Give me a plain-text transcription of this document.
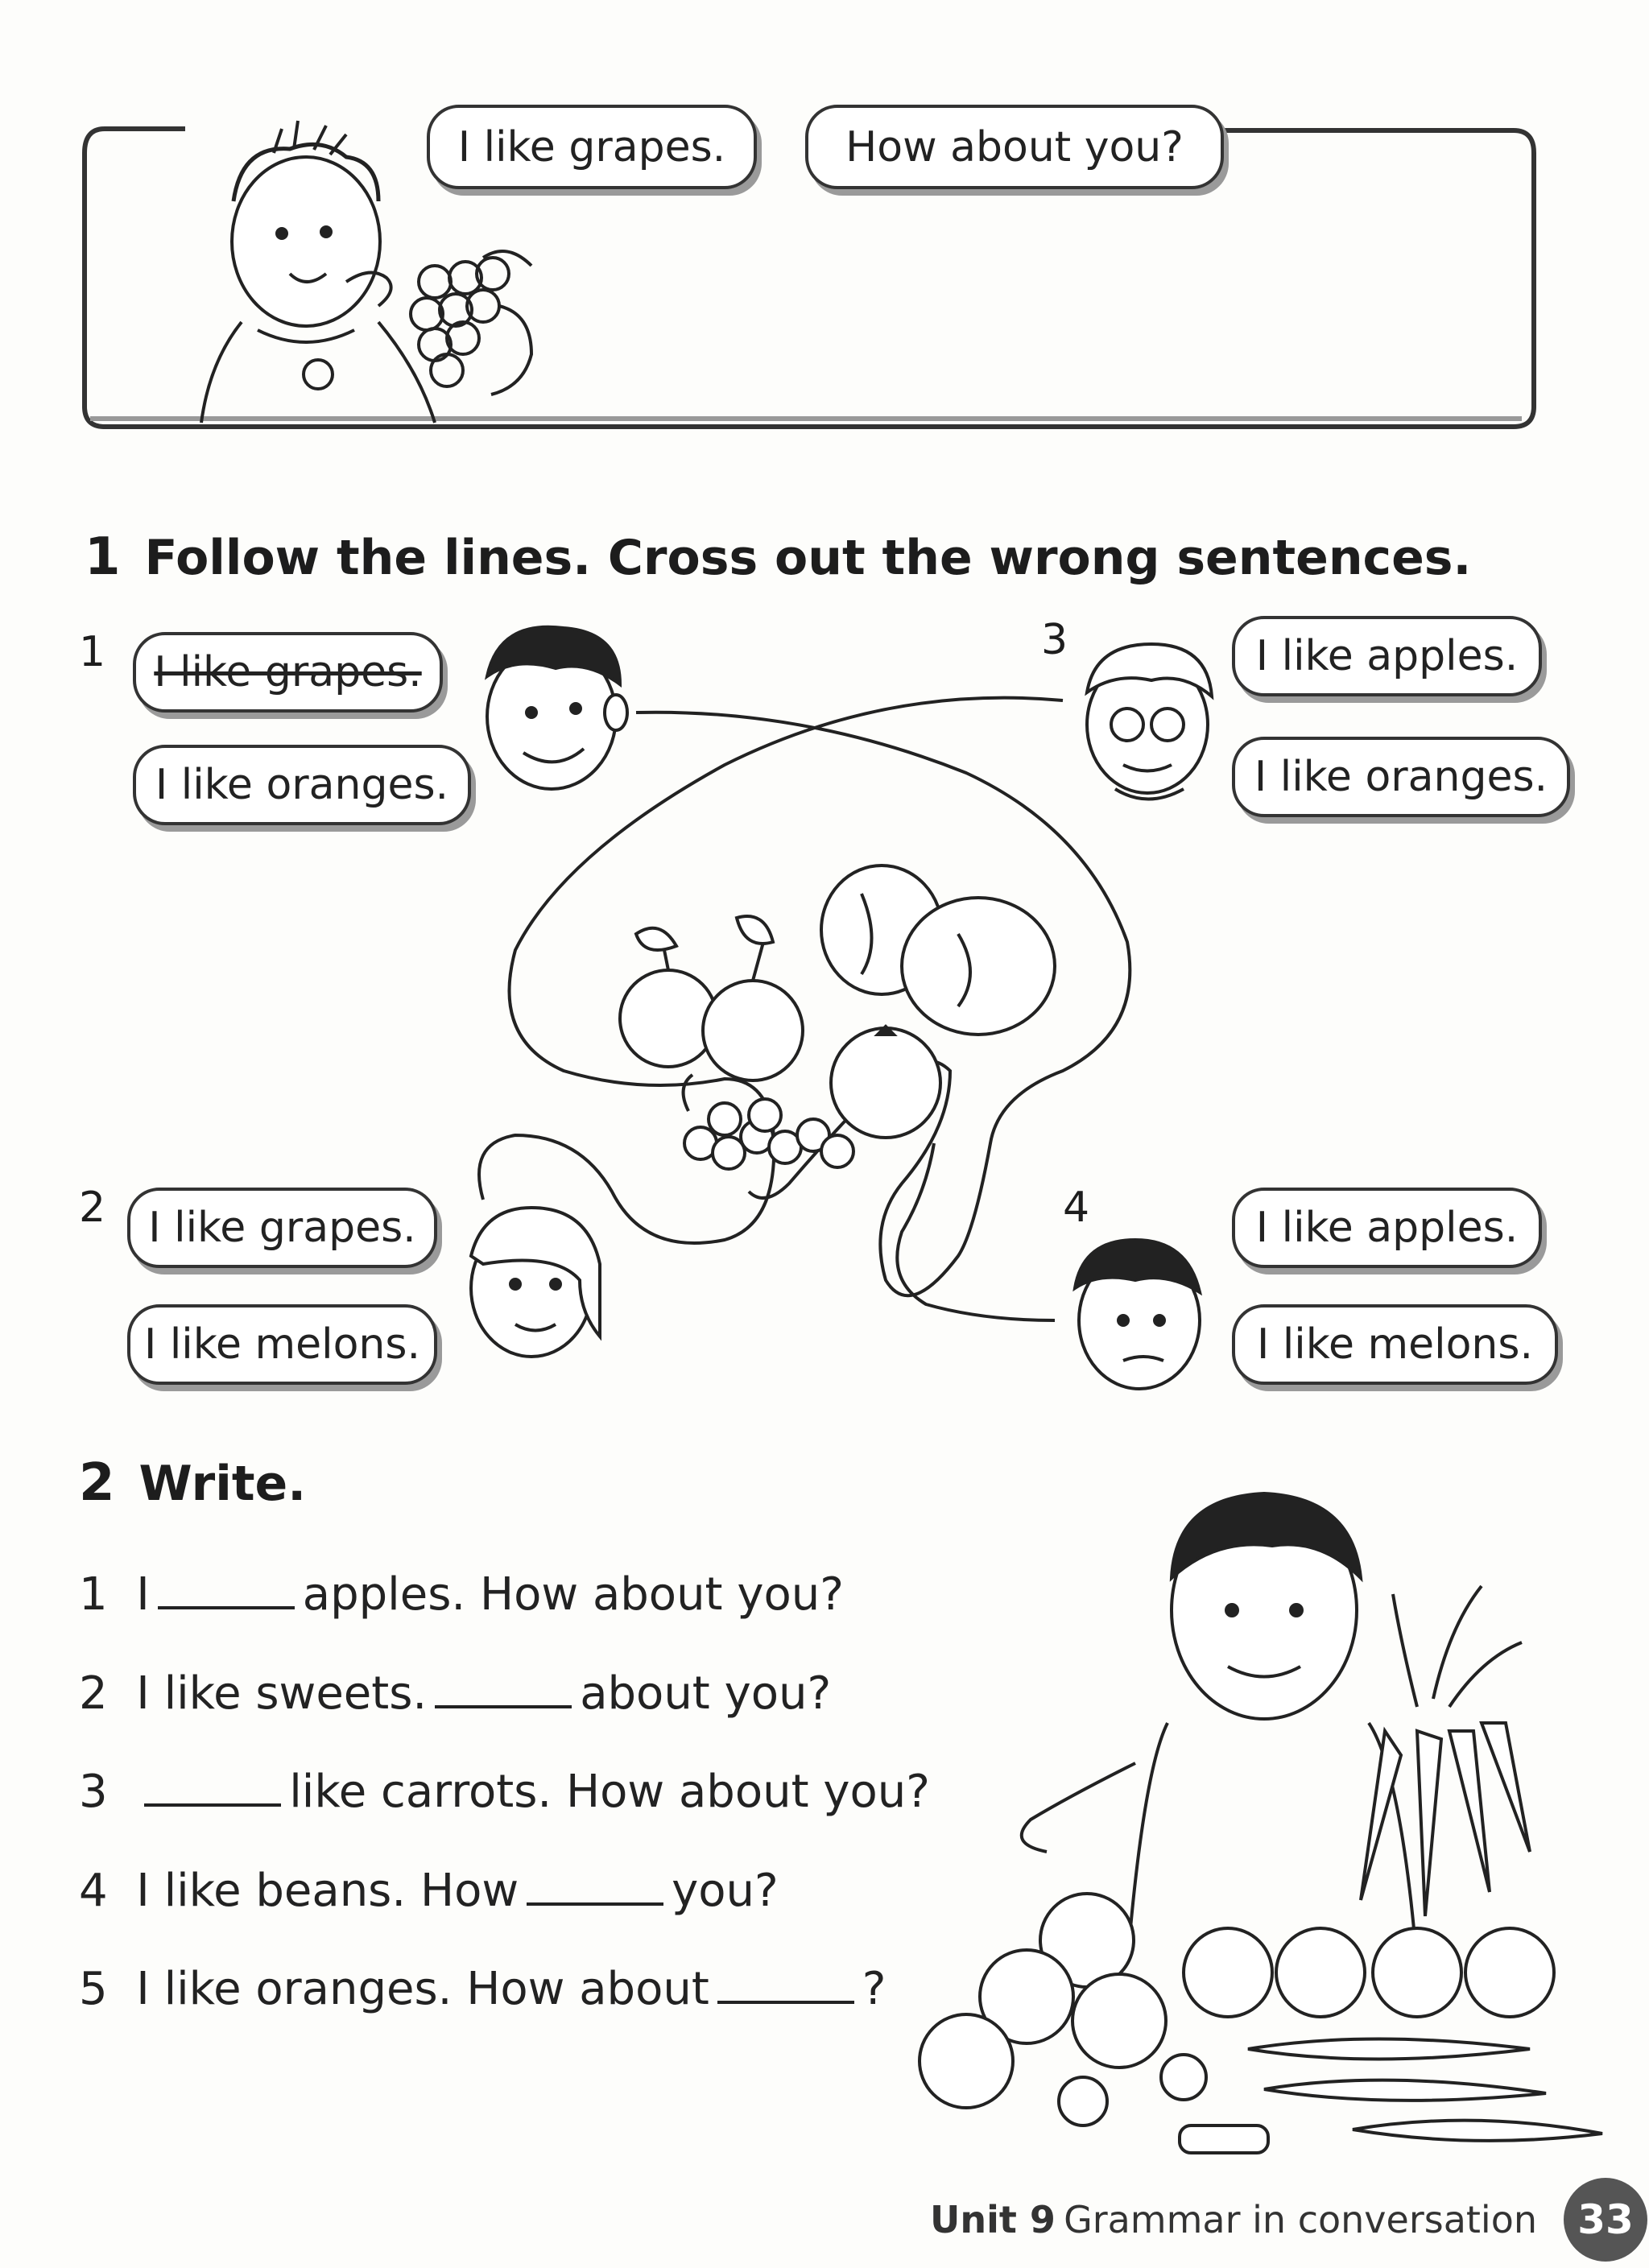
I like grapes.	How about you?
1 Follow the lines. Cross out the wrong sentences.
1 I like grapes.
I like oranges.
2 I like grapes.
I like melons.
3	I like apples.
I like oranges.
4	I like apples.
I like melons.
2 Write.
1 I	apples. How about you?
2 I like sweets.	about you?
3	like carrots. How about you?
4 I like beans. How	you?
5 I like oranges. How about	?
Unit 9 Grammar in conversation	33
